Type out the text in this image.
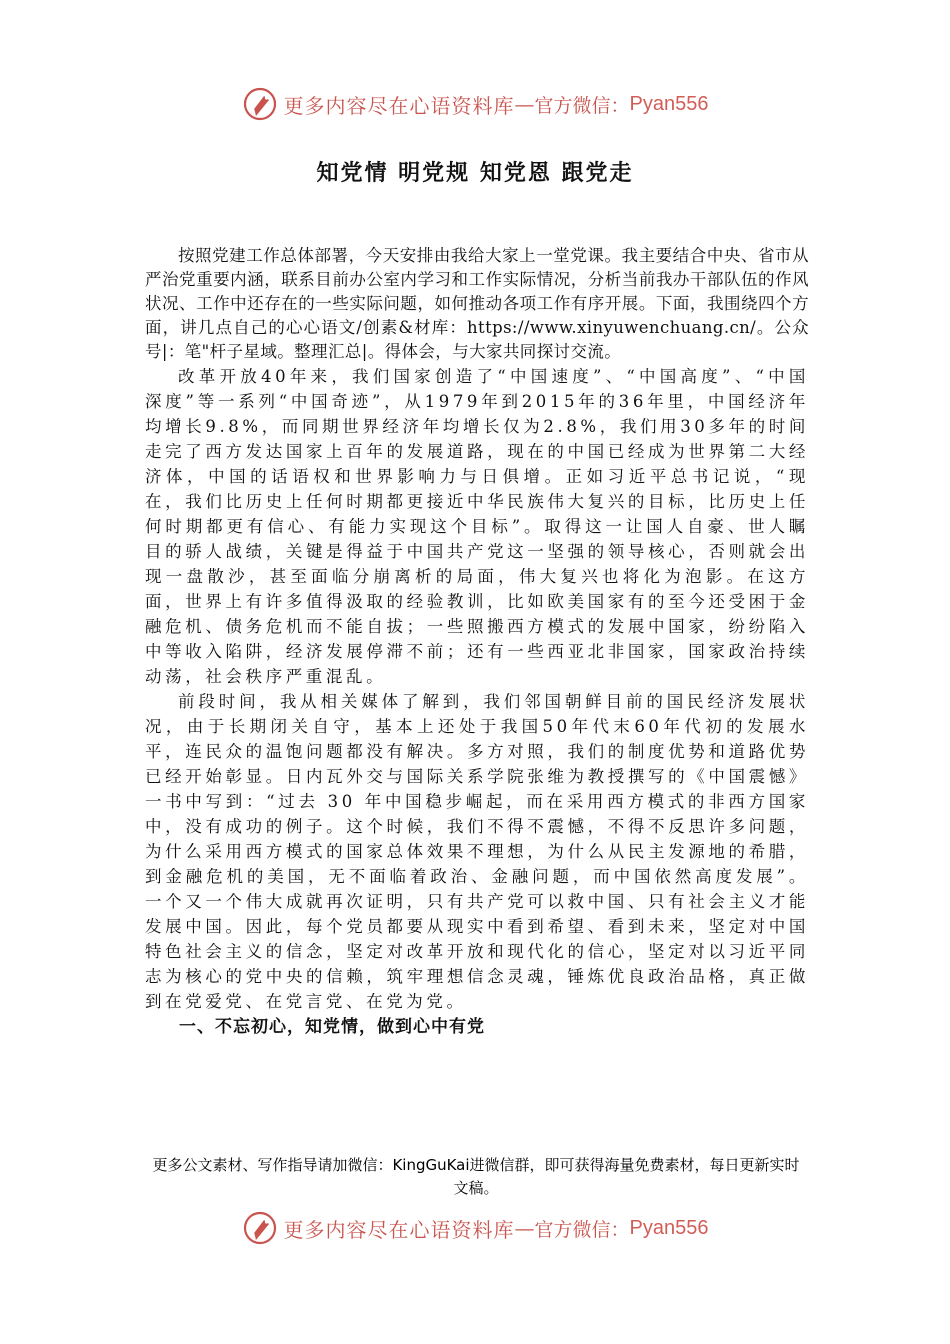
更多内容尽在心语资料库 — 官方微信： Pyan556
知党情 明党规 知党恩 跟党走

按照党建工作总体部署，今天安排由我给大家上一堂党课。我主要结合中央、省市从严治党重要内涵，联系目前办公室内学习和工作实际情况，分析当前我办干部队伍的作风状况、工作中还存在的一些实际问题，如何推动各项工作有序开展。下面，我围绕四个方面，讲几点自己的心心语文/创素&材库：https://www.xinyuwenchuang.cn/。公众号|：笔"杆子星域。整理汇总|。得体会，与大家共同探讨交流。

改革开放40年来，我们国家创造了“中国速度”、“中国高度”、“中国深度”等一系列“中国奇迹”，从1979年到2015年的36年里，中国经济年均增长9.8%，而同期世界经济年均增长仅为2.8%，我们用30多年的时间走完了西方发达国家上百年的发展道路，现在的中国已经成为世界第二大经济体，中国的话语权和世界影响力与日俱增。正如习近平总书记说，“现在，我们比历史上任何时期都更接近中华民族伟大复兴的目标，比历史上任何时期都更有信心、有能力实现这个目标”。取得这一让国人自豪、世人瞩目的骄人战绩，关键是得益于中国共产党这一坚强的领导核心，否则就会出现一盘散沙，甚至面临分崩离析的局面，伟大复兴也将化为泡影。在这方面，世界上有许多值得汲取的经验教训，比如欧美国家有的至今还受困于金融危机、债务危机而不能自拔；一些照搬西方模式的发展中国家，纷纷陷入中等收入陷阱，经济发展停滞不前；还有一些西亚北非国家，国家政治持续动荡，社会秩序严重混乱。

前段时间，我从相关媒体了解到，我们邻国朝鲜目前的国民经济发展状况，由于长期闭关自守，基本上还处于我国50年代末60年代初的发展水平，连民众的温饱问题都没有解决。多方对照，我们的制度优势和道路优势已经开始彰显。日内瓦外交与国际关系学院张维为教授撰写的《中国震憾》一书中写到：“过去 30 年中国稳步崛起，而在采用西方模式的非西方国家中，没有成功的例子。这个时候，我们不得不震憾，不得不反思许多问题，为什么采用西方模式的国家总体效果不理想，为什么从民主发源地的希腊，到金融危机的美国，无不面临着政治、金融问题，而中国依然高度发展”。一个又一个伟大成就再次证明，只有共产党可以救中国、只有社会主义才能发展中国。因此，每个党员都要从现实中看到希望、看到未来，坚定对中国特色社会主义的信念，坚定对改革开放和现代化的信心，坚定对以习近平同志为核心的党中央的信赖，筑牢理想信念灵魂，锤炼优良政治品格，真正做到在党爱党、在党言党、在党为党。

一、不忘初心，知党情，做到心中有党

更多公文素材、写作指导请加微信：KingGuKai进微信群，即可获得海量免费素材，每日更新实时文稿。
更多内容尽在心语资料库 — 官方微信： Pyan556
